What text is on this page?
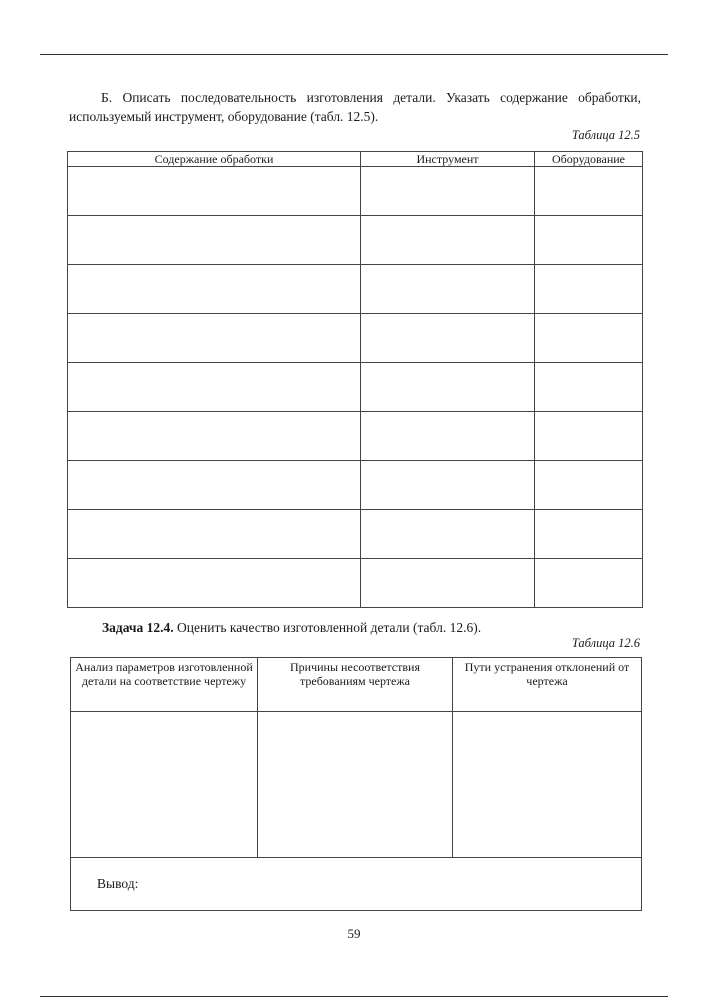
Б. Описать последовательность изготовления детали. Указать содержание обработки, используемый инструмент, оборудование (табл. 12.5).

Таблица 12.5
Содержание обработки	Инструмент	Оборудование

Задача 12.4. Оценить качество изготовленной детали (табл. 12.6).
Таблица 12.6
Анализ параметров изготовленной детали на соответствие чертежу	Причины несоответствия требованиям чертежа	Пути устранения отклонений от чертежа

Вывод:		
59
